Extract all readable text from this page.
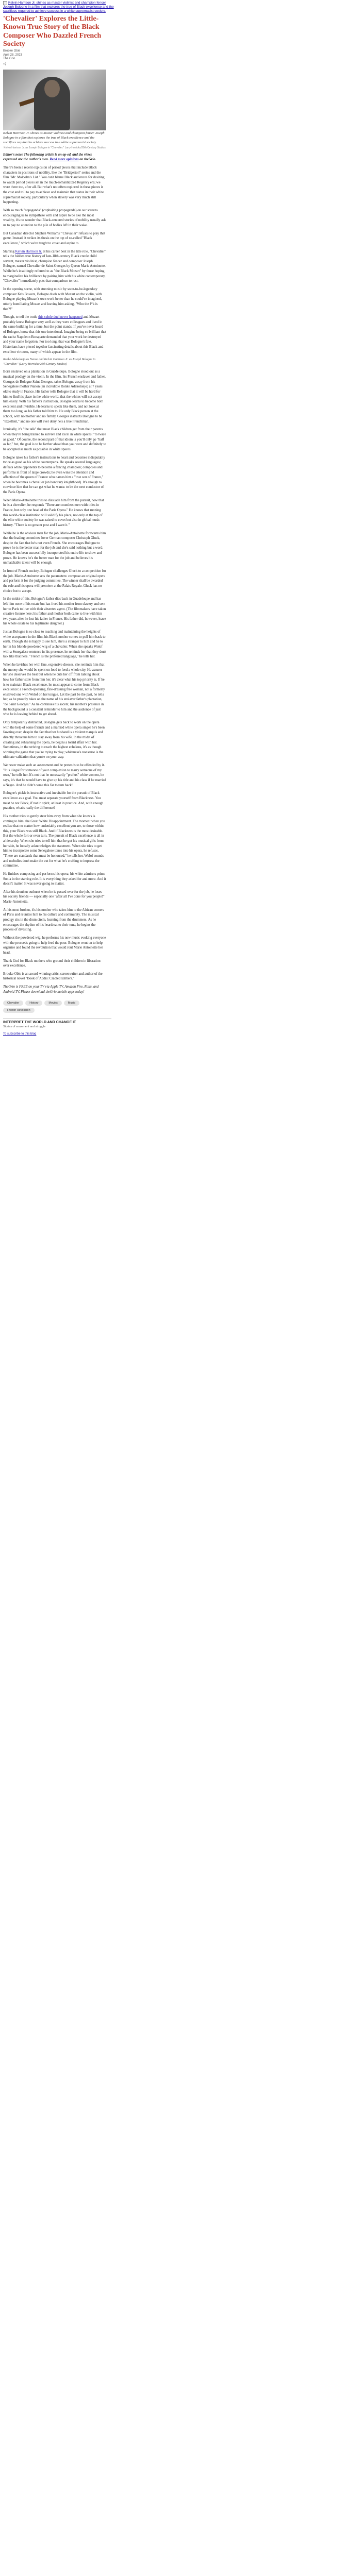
Kelvin Harrison Jr. shines as master violinist and champion fencer Joseph Bologne in a film that explores the true of Black excellence and the sacrifices required to achieve success in a white supremacist society.
'Chevalier' Explores the Little-Known True Story of the Black Composer Who Dazzled French Society
Brooke Obie
April 28, 2023
The Grio
Kelvin Harrison Jr. shines as master violinist and champion fencer Joseph Bologne in a film that explores the true of Black excellence and the sacrifices required to achieve success in a white supremacist society.
Kelvin Harrison Jr. as Joseph Bologne in "Chevalier." Larry Horricks/20th Century Studios

Editor's note: The following article is an op-ed, and the views expressed are the author's own. Read more opinions on theGrio.

There's been a recent explosion of period pieces that include Black characters in positions of nobility, like the "Bridgerton" series and the film "Mr. Malcolm's List." You can't blame Black audiences for desiring to watch period pieces set in the much-romanticized Regency era; we were there too, after all. But what's not often explored in these pieces is the cost and toll to pay to achieve and maintain that status in their white supremacist society, particularly when slavery was very much still happening.

With so much "copaganda" (copbaiting propaganda) on our screens encouraging us to sympathize with and aspire to be like the most wealthy, it's no wonder that Black-centered stories of nobility usually ask us to pay no attention to the pile of bodies left in their wake.

But Canadian director Stephen Williams' "Chevalier" refuses to play that game. Instead, it strikes its thesis on the top of so-called "Black excellence," which we're taught to covet and aspire to.

Starring Kelvin Harrison Jr. at his career best in the title role, "Chevalier" tells the hidden true history of late-18th-century Black creole child servant, master violinist, champion fencer and composer Joseph Bologne, named Chevalier de Saint-Georges by Queen Marie Antoinette. While he's insultingly referred to as "the Black Mozart" by those hoping to marginalize his brilliance by pairing him with his white contemporary, "Chevalier" immediately puts that comparison to rest.

In the opening scene, with stunning music by soon-to-be-legendary composer Kris Bowers, Bologne duels with Mozart on the violin, with Bologne playing Mozart's own work better than he could've imagined, utterly humiliating Mozart and leaving him asking, "Who the f*k is that?!"

Though, to tell the truth, this subtle duel never happened and Mozart probably knew Bologne very well as they were colleagues and lived in the same building for a time, but the point stands. If you've never heard of Bologne, know that this one intentional. Imagine being so brilliant that the racist Napoleon Bonaparte demanded that your work be destroyed and your name forgotten. For too long, that was Bologne's fate. Historians have pieced together fascinating details about this Black and excellent virtuoso, many of which appear in the film.

Ronke Adekoluejo as Nanon and Kelvin Harrison Jr. as Joseph Bologne in "Chevalier." (Larry Horricks/20th Century Studios)

Born enslaved on a plantation in Guadeloupe, Bologne stood out as a musical prodigy on the violin. In the film, his French enslaver and father, Georges de Bologne Saint-Georges, takes Bologne away from his Senegalese mother Nanon (an incredible Ronke Adekoluejo) at 7 years old to study in France. His father tells Bologne that it will be hard for him to find his place in the white world, that the whites will not accept him easily. With his father's instruction, Bologne learns to become both excellent and invisible. He learns to speak like them, and not look at them too long, as his father told him to. He only Black person at the school, with no mother and no family, Georges instructs Bologne to be "excellent," and no one will ever deny he's a true Frenchman.

Ironically, it's "the talk" that most Black children get from their parents when they're being trained to survive and excel in white spaces: "to twice as good." Of course, the second part of that idiom is you'll only go "half as far," but, the goal is to be farther ahead than you were and definitely to be accepted as much as possible in white spaces.

Bologne takes his father's instructions to heart and becomes indisputably twice as good as his white counterparts. He speaks several languages; defeats white opponents to become a fencing champion; composes and performs in front of large crowds; he even wins the attention and affection of the queen of France who names him a "true son of France," when he becomes a chevalier (an honorary knighthood). It's enough to convince him that he can get what he wants: to be the next conductor of the Paris Opera.

When Marie-Antoinette tries to dissuade him from the pursuit, now that he is a chevalier, he responds "There are countless men with titles in France, but only one head of the Paris Opera." He knows that running this world-class institution will solidify his place, not only at the top of the elite white society he was raised to covet but also in global music history. "There is no greater post and I want it."

While he is the obvious man for the job, Marie-Antoinette forewarns him that the leading committee lover German composer Christoph Gluck, despite the fact that he's not even French. She encourages Bologne to prove he is the better man for the job and she's said nothing but a word; Bologne has been successfully incorporated his entire life to show and prove. He knows he's the better man for the job and believes his unmatchable talent will be enough.

In front of French society, Bologne challenges Gluck to a competition for the job. Marie-Antoinette sets the parameters: compose an original opera and perform it for the judging committee. The winner shall be awarded the role and his opera will premiere at the Palais Royale. Gluck has no choice but to accept.

In the midst of this, Bologne's father dies back in Guadeloupe and has left him none of his estate but has freed his mother from slavery and sent her to Paris to live with their absentee agent. (The filmmakers have taken creative license here; his father and mother both came to live with him two years after he lost his father in France. His father did, however, leave his whole estate to his legitimate daughter.)

Just as Bologne is so close to reaching and maintaining the heights of white acceptance in the film, his Black mother comes to pull him back to earth. Though she is happy to see him, she's a stranger to him and he to her in his blonde powdered wig of a chevalier. When she speaks Wolof with a Senegalese sentence in his presence, he reminds her that they don't talk like that here. "French is the preferred language," he tells her.

When he lavishes her with fine, expensive dresses, she reminds him that the money she would be spent on food to feed a whole city. He assures her she deserves the best but when he cuts her off from talking about how her father stole from him her, it's clear what his top priority is. If he is to maintain Black excellence, he must appear to come from Black excellence: a French-speaking, fine-dressing free woman, not a formerly enslaved one with Wolof on her tongue. Let the past be the past, he tells her, as he proudly takes on the name of his enslaver father's plantation, "de Saint Georges." As he continues his ascent, his mother's presence in the background is a constant reminder to him and the audience of just who he is leaving behind to get ahead.

Only temporarily distracted, Bologne gets back to work on the opera with the help of some friends and a married white opera singer he's been fawning over, despite the fact that her husband is a violent marquis and directly threatens him to stay away from his wife. In the midst of creating and rehearsing the opera, he begins a torrid affair with her. Sometimes, in the striving to reach the highest echelons, it's as though winning the game that you're trying to play; whiteness's nonsense is the ultimate validation that you're on your way.

We never make such an assessment and he pretends to be offended by it. "It is illegal for someone of your complexion to marry someone of my own," he tells her. It's not that he necessarily "prefers" white women, he says, it's that he would have to give up his title and his class if he married a Negro. And he didn't come this far to turn back!

Bologne's pickle is instructive and inevitable for the pursuit of Black excellence as a goal. You must separate yourself from Blackness. You must be not Black, if not in spirit, at least in practice. And, with enough practice, what's really the difference?

His mother tries to gently steer him away from what she knows is coming to him: the Great White Disappointment. The moment when you realize that no matter how undeniably excellent you are, to those within this, your Black was still Black. And if Blackness is the most desirable. But the whole fort or even turn. The pursuit of Black excellence is all in a hierarchy. When she tries to tell him that he got his musical gifts from her side, he loosely acknowledges the statement. When she tries to get him to incorporate some Senegalese tones into his opera, he refuses. "These are standards that must be honoured," he tells her. Wolof sounds and melodies don't make the cut for what he's crafting to impress the committee.

He finishes composing and performs his opera; his white admirers prime Sonia in the starring role. It is everything they asked for and more. And it doesn't matter. It was never going to matter.

After his drunken outburst when he is passed over for the job, he loses his society friends — especially one "after all I've done for you people!" Marie-Antoinette.

At his most broken, it's his mother who takes him to the African corners of Paris and reunites him to his culture and community. The musical prodigy sits in the drum circle, learning from the drummers. As he encourages the rhythm of his heartbeat to their tune, he begins the process of divesting.

Without the powdered wig, he performs his new music evoking everyone with the proceeds going to help feed the poor. Bologne went on to help organize and found the revolution that would rout Marie Antoinette her head.

Thank God for Black mothers who ground their children in liberation over excellence.

Brooke Obie is an award-winning critic, screenwriter and author of the historical novel "Book of Addis: Cradled Embers."

TheGrio is FREE on your TV via Apple TV, Amazon Fire, Roku, and Android TV. Please download theGrio mobile apps today!

Chevalier	History	Movies	Music
French Revolution
INTERPRET THE WORLD AND CHANGE IT
Stories of movement and struggle
To subscribe to this blog
